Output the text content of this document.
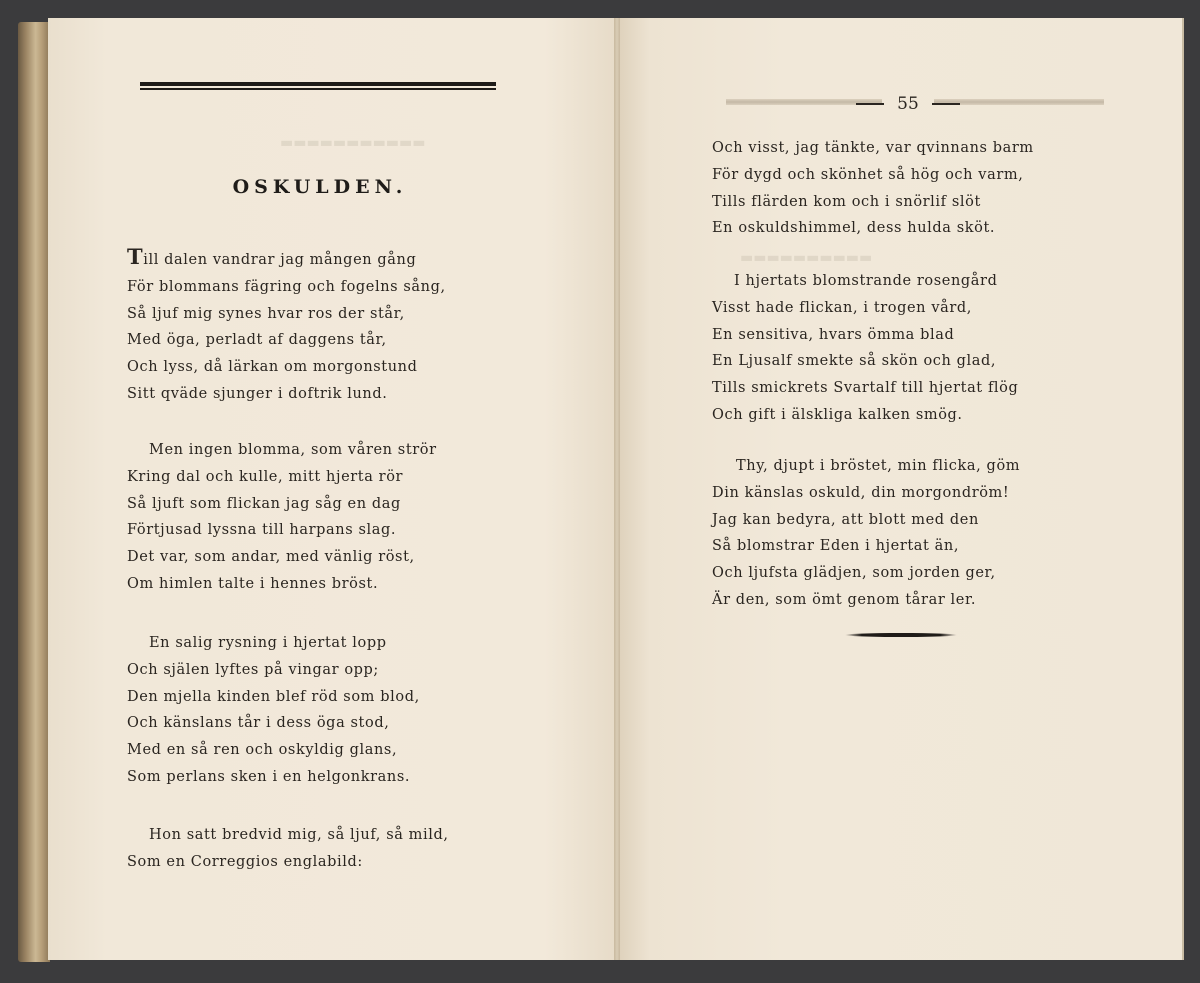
▬▬▬▬▬▬▬▬▬▬▬
▬▬▬▬▬▬▬▬▬▬
OSKULDEN.
Till dalen vandrar jag mången gång
För blommans fägring och fogelns sång,
Så ljuf mig synes hvar ros der står,
Med öga, perladt af daggens tår,
Och lyss, då lärkan om morgonstund
Sitt qväde sjunger i doftrik lund.
Men ingen blomma, som våren strör
Kring dal och kulle, mitt hjerta rör
Så ljuft som flickan jag såg en dag
Förtjusad lyssna till harpans slag.
Det var, som andar, med vänlig röst,
Om himlen talte i hennes bröst.
En salig rysning i hjertat lopp
Och själen lyftes på vingar opp;
Den mjella kinden blef röd som blod,
Och känslans tår i dess öga stod,
Med en så ren och oskyldig glans,
Som perlans sken i en helgonkrans.
Hon satt bredvid mig, så ljuf, så mild,
Som en Correggios englabild:
55
Och visst, jag tänkte, var qvinnans barm
För dygd och skönhet så hög och varm,
Tills flärden kom och i snörlif slöt
En oskuldshimmel, dess hulda sköt.
I hjertats blomstrande rosengård
Visst hade flickan, i trogen vård,
En sensitiva, hvars ömma blad
En Ljusalf smekte så skön och glad,
Tills smickrets Svartalf till hjertat flög
Och gift i älskliga kalken smög.
Thy, djupt i bröstet, min flicka, göm
Din känslas oskuld, din morgondröm!
Jag kan bedyra, att blott med den
Så blomstrar Eden i hjertat än,
Och ljufsta glädjen, som jorden ger,
Är den, som ömt genom tårar ler.
